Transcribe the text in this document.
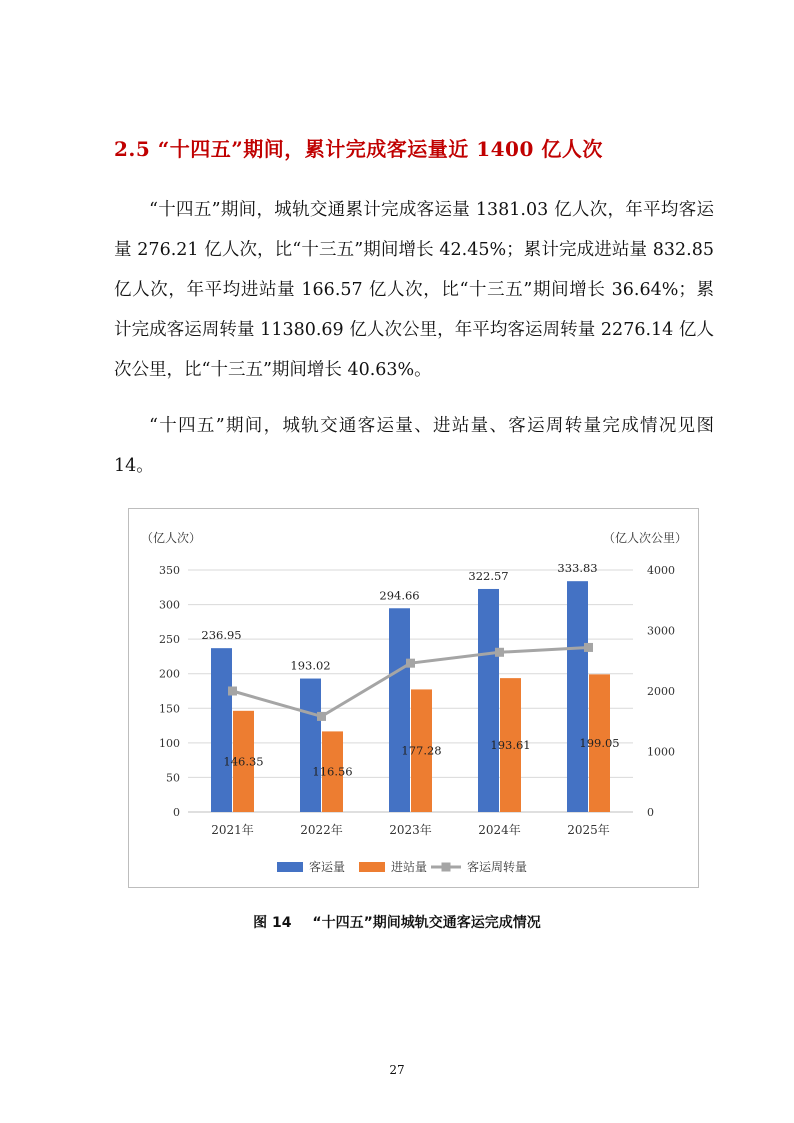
2.5 “十四五”期间，累计完成客运量近 1400 亿人次
“十四五”期间，城轨交通累计完成客运量 1381.03 亿人次，年平均客运量 276.21 亿人次，比“十三五”期间增长 42.45%；累计完成进站量 832.85 亿人次，年平均进站量 166.57 亿人次，比“十三五”期间增长 36.64%；累计完成客运周转量 11380.69 亿人次公里，年平均客运周转量 2276.14 亿人次公里，比“十三五”期间增长 40.63%。
“十四五”期间，城轨交通客运量、进站量、客运周转量完成情况见图 14。
0
50
100
150
200
250
300
350
0
1000
2000
3000
4000
（亿人次）	（亿人次公里）
2021年	2022年	2023年	2024年	2025年
236.95
146.35
193.02
116.56
294.66
177.28
322.57
193.61
333.83
199.05
客运量	进站量	客运周转量
图 14 “十四五”期间城轨交通客运完成情况
27
